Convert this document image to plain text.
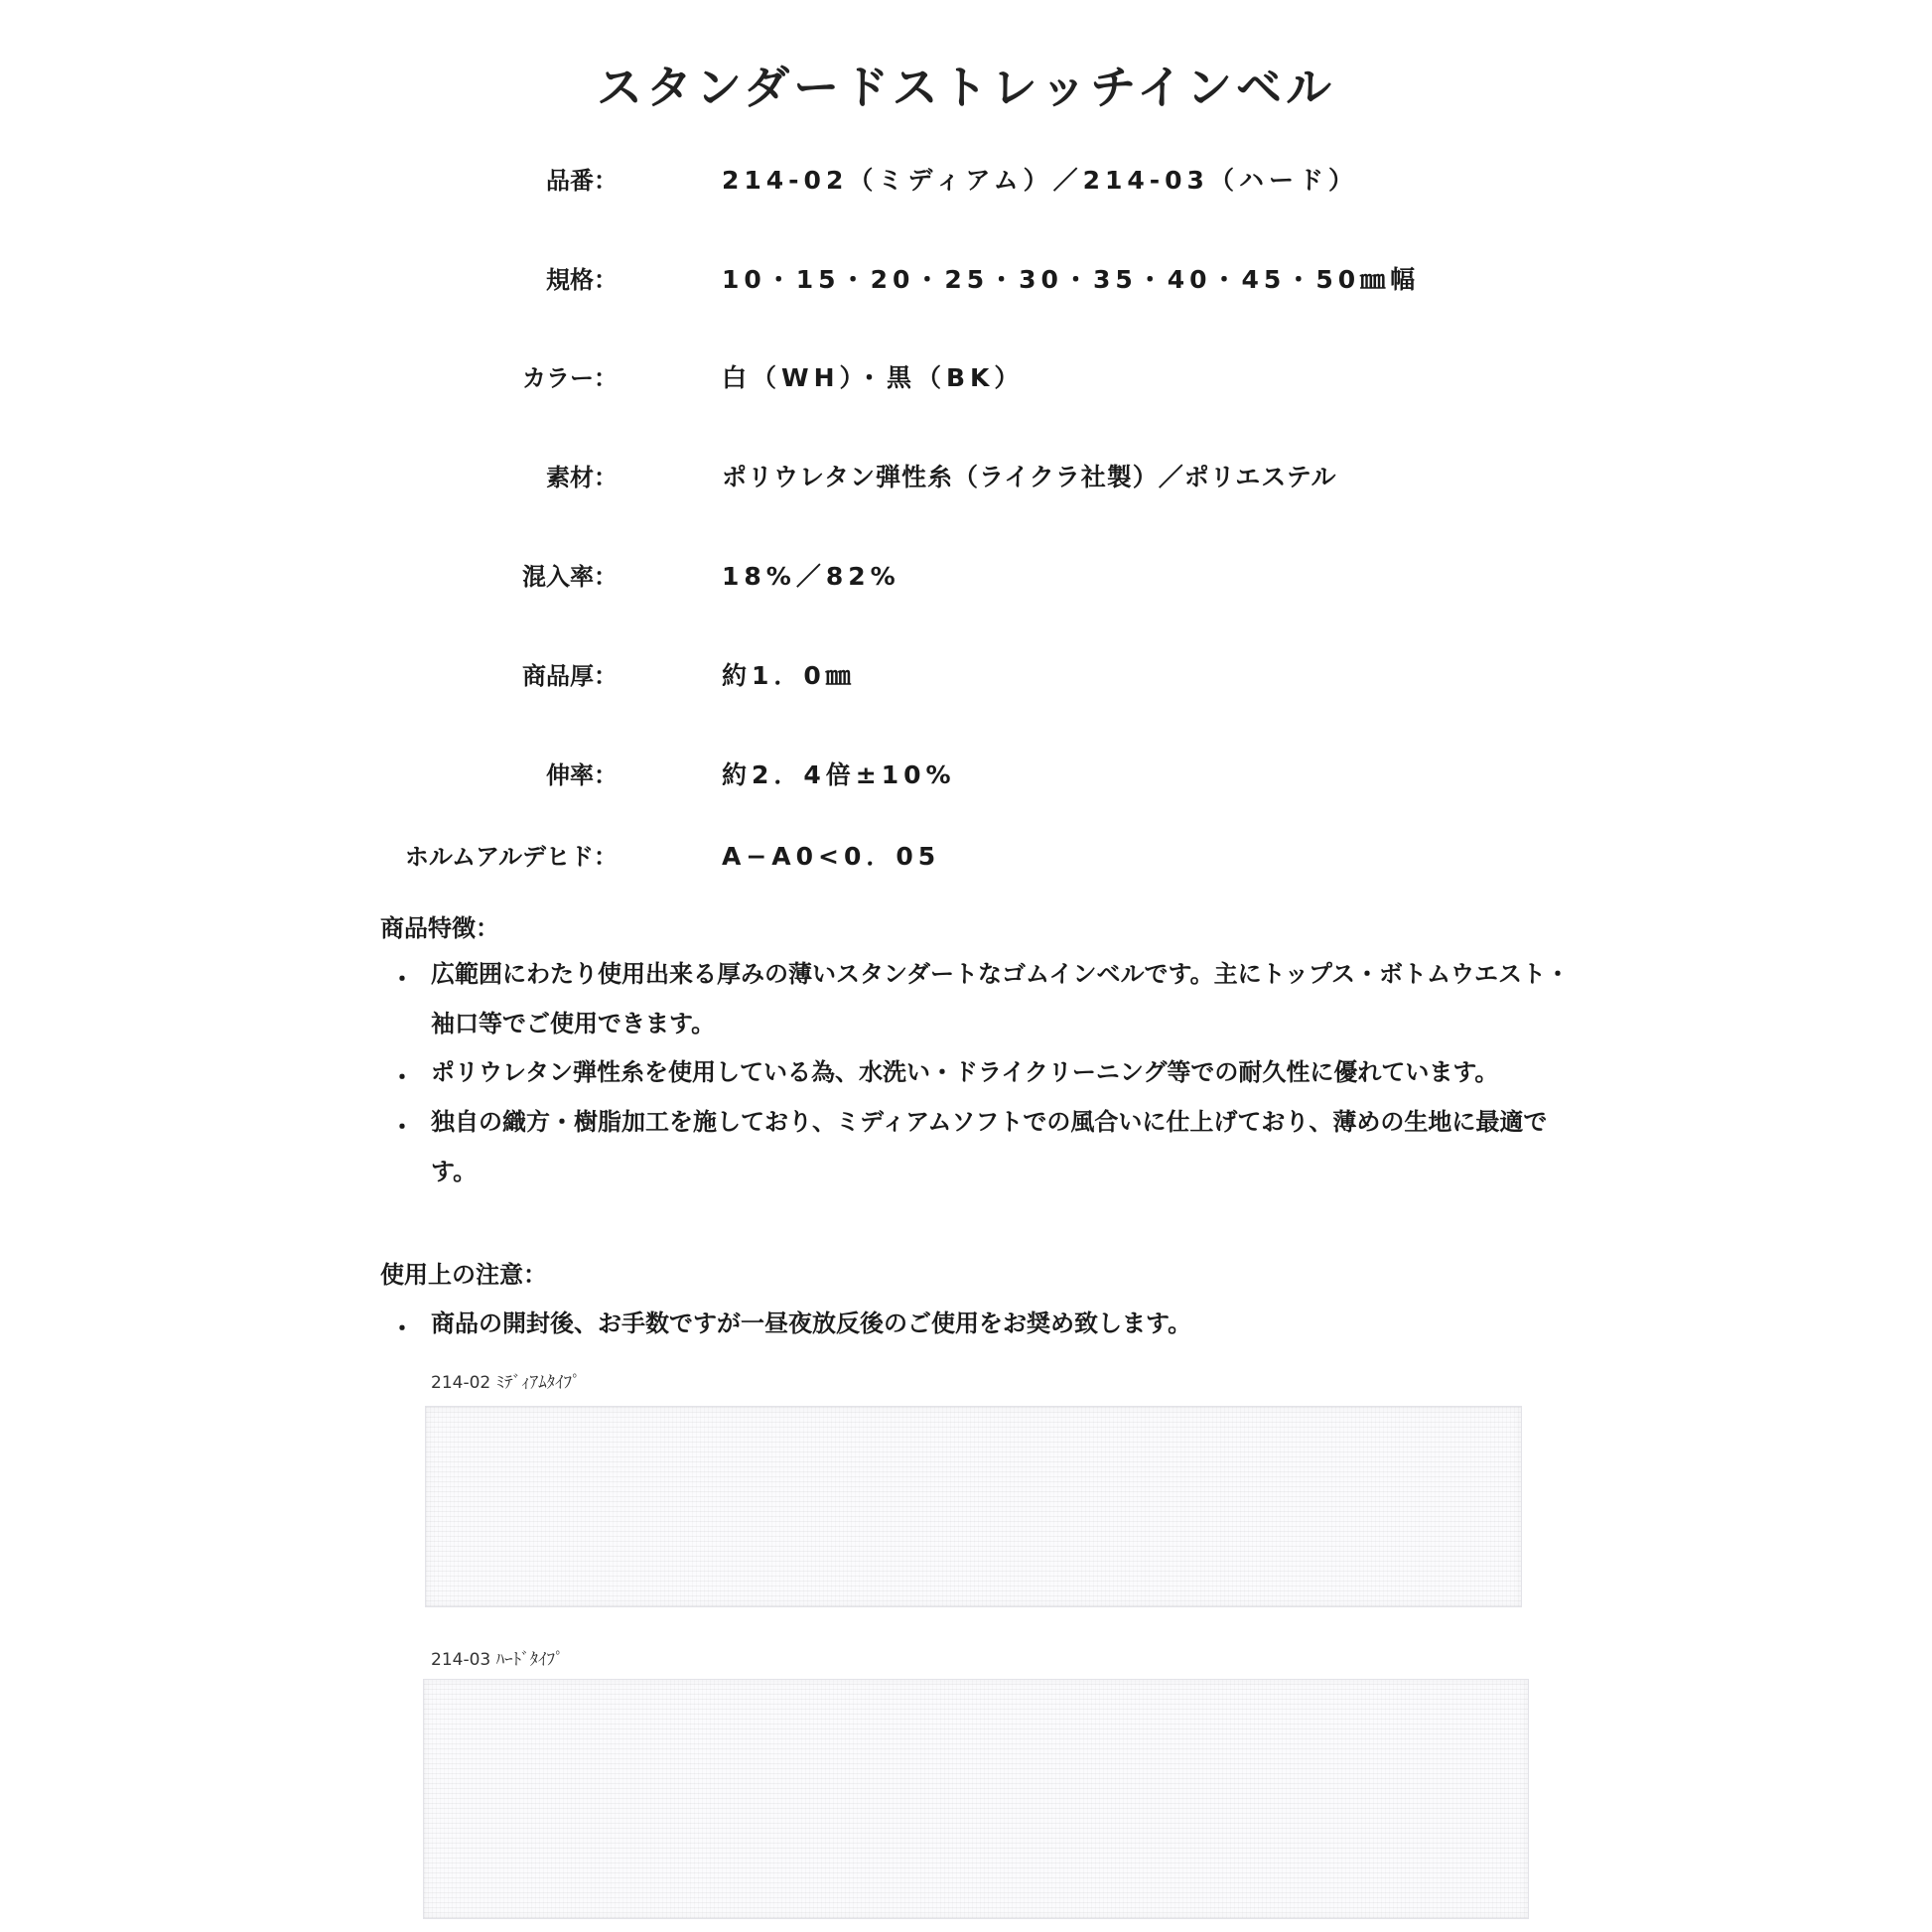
スタンダードストレッチインベル
品番：	214-02（ミディアム）／214-03（ハード）
規格：	10・15・20・25・30・35・40・45・50㎜幅
カラー：	白（WH）・黒（BK）
素材：	ポリウレタン弾性糸（ライクラ社製）／ポリエステル
混入率：	18%／82%
商品厚：	約1．0㎜
伸率：	約2．4倍±10%
ホルムアルデヒド：	A−A0<0．05
商品特徴：
・ 広範囲にわたり使用出来る厚みの薄いスタンダートなゴムインベルです。主にトップス・ボトムウエスト・袖口等でご使用できます。
・ ポリウレタン弾性糸を使用している為、水洗い・ドライクリーニング等での耐久性に優れています。
・ 独自の織方・樹脂加工を施しており、ミディアムソフトでの風合いに仕上げており、薄めの生地に最適です。
使用上の注意：
・ 商品の開封後、お手数ですが一昼夜放反後のご使用をお奨め致します。
214-02 ﾐﾃﾞｨｱﾑﾀｲﾌﾟ
214-03 ﾊｰﾄﾞﾀｲﾌﾟ
